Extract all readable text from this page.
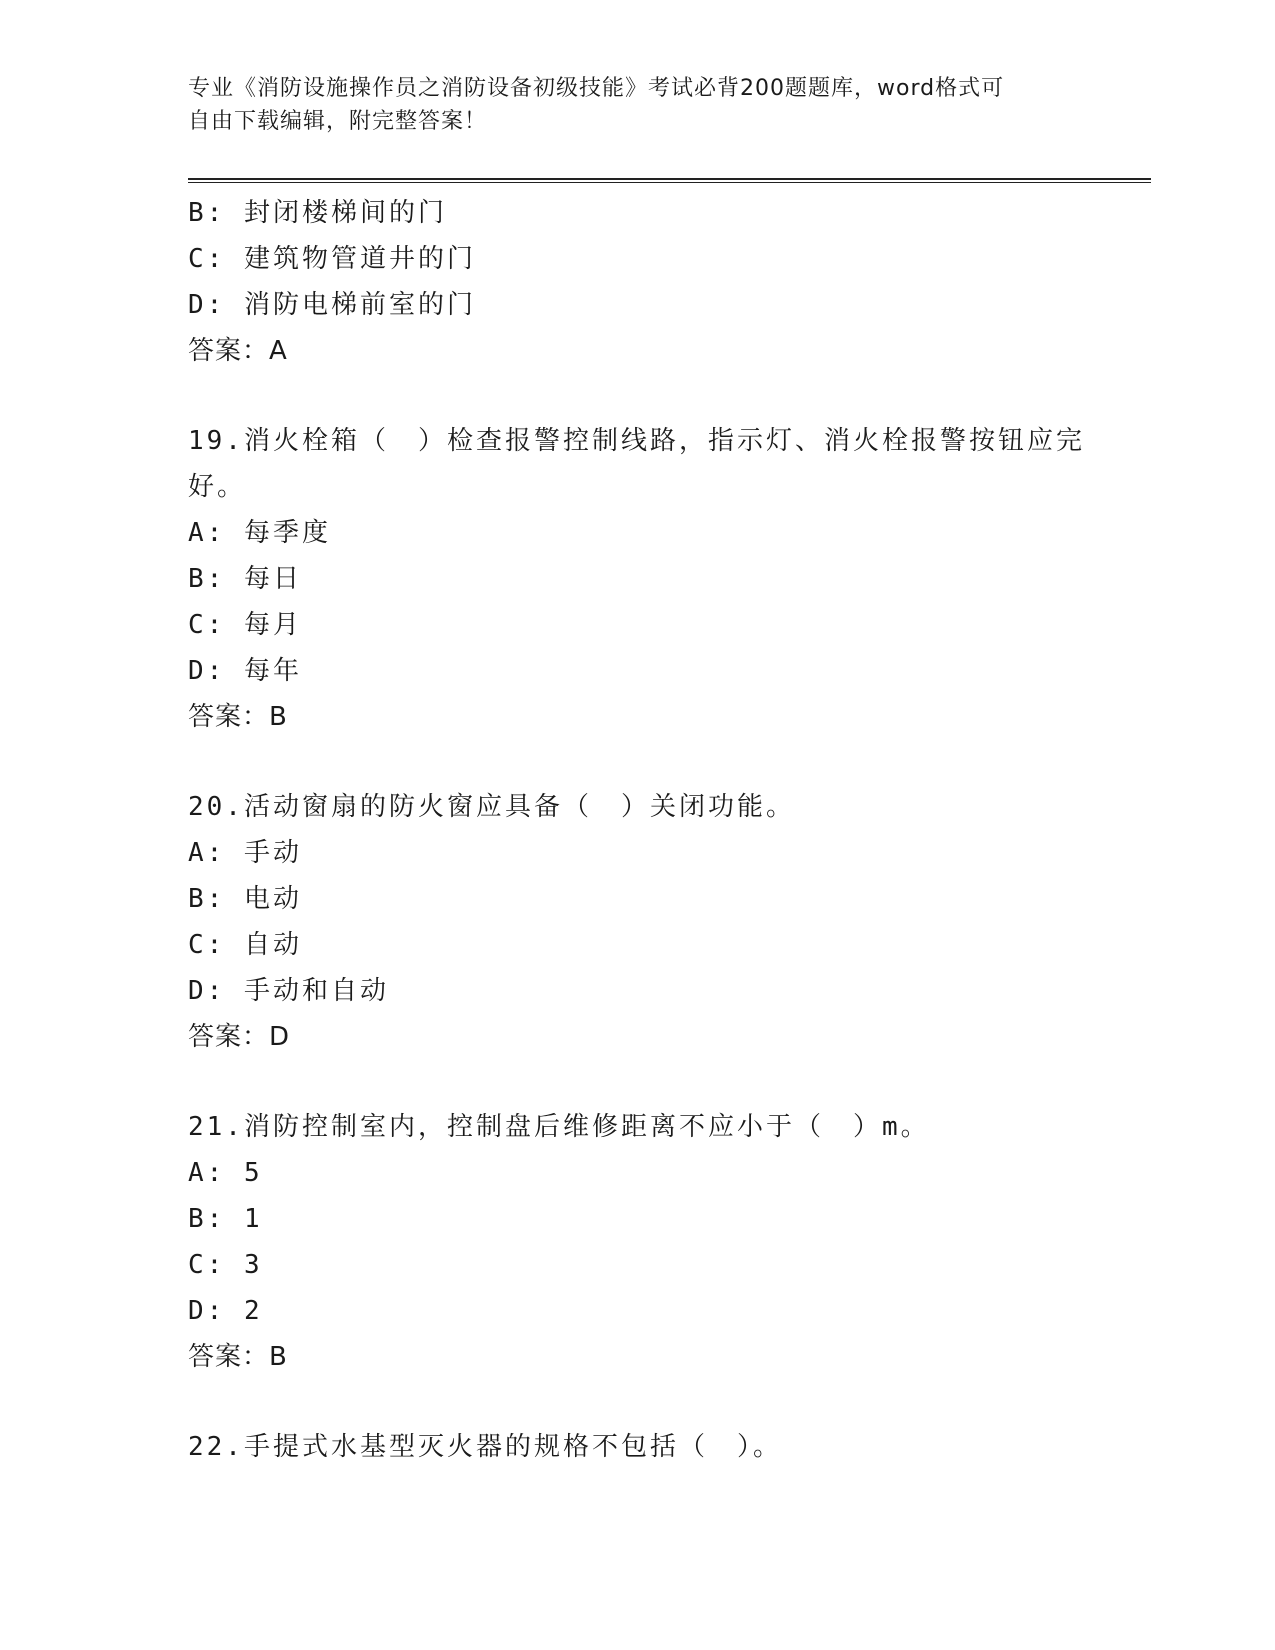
专业《消防设施操作员之消防设备初级技能》考试必背200题题库，word格式可
自由下载编辑，附完整答案！
B: 封闭楼梯间的门
C: 建筑物管道井的门
D: 消防电梯前室的门
答案：A
19.消火栓箱（　）检查报警控制线路，指示灯、消火栓报警按钮应完
好。
A: 每季度
B: 每日
C: 每月
D: 每年
答案：B
20.活动窗扇的防火窗应具备（　）关闭功能。
A: 手动
B: 电动
C: 自动
D: 手动和自动
答案：D
21.消防控制室内，控制盘后维修距离不应小于（　）m。
A: 5
B: 1
C: 3
D: 2
答案：B
22.手提式水基型灭火器的规格不包括（　）。
